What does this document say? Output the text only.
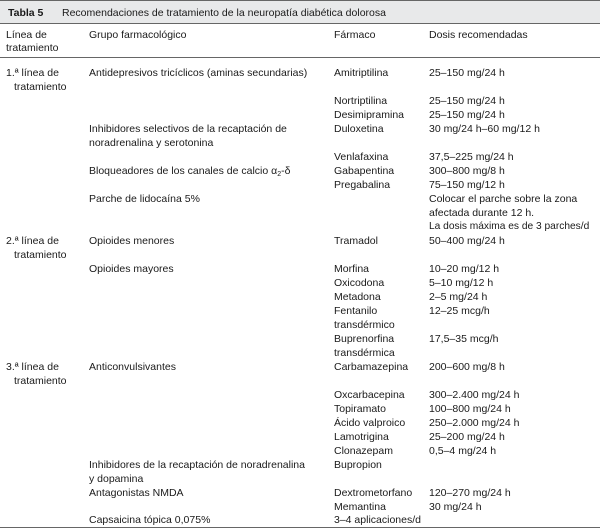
Tabla 5 Recomendaciones de tratamiento de la neuropatía diabética dolorosa
Línea de
tratamiento
Grupo farmacológico	Fármaco	Dosis recomendadas
1.ª línea de
tratamiento
2.ª línea de
tratamiento
3.ª línea de
tratamiento
Antidepresivos tricíclicos (aminas secundarias)
Inhibidores selectivos de la recaptación de
noradrenalina y serotonina
Bloqueadores de los canales de calcio $\alpha_2-\delta$
Parche de lidocaína 5%
Opioides menores
Opioides mayores
Anticonvulsivantes
Inhibidores de la recaptación de noradrenalina
y dopamina
Antagonistas NMDA
Capsaicina tópica 0,075%
Amitriptilina
Nortriptilina
Desimipramina
Duloxetina
Venlafaxina
Gabapentina
Pregabalina
Tramadol
Morfina
Oxicodona
Metadona
Fentanilo
transdérmico
Buprenorfina
transdérmica
Carbamazepina
Oxcarbacepina
Topiramato
Ácido valproico
Lamotrigina
Clonazepam
Bupropion
Dextrometorfano
Memantina
3–4 aplicaciones/d
25–150 mg/24 h
25–150 mg/24 h
25–150 mg/24 h
30 mg/24 h–60 mg/12 h
37,5–225 mg/24 h
300–800 mg/8 h
75–150 mg/12 h
Colocar el parche sobre la zona
afectada durante 12 h.
La dosis máxima es de 3 parches/d
50–400 mg/24 h
10–20 mg/12 h
5–10 mg/12 h
2–5 mg/24 h
12–25 mcg/h
17,5–35 mcg/h
200–600 mg/8 h
300–2.400 mg/24 h
100–800 mg/24 h
250–2.000 mg/24 h
25–200 mg/24 h
0,5–4 mg/24 h
120–270 mg/24 h
30 mg/24 h
